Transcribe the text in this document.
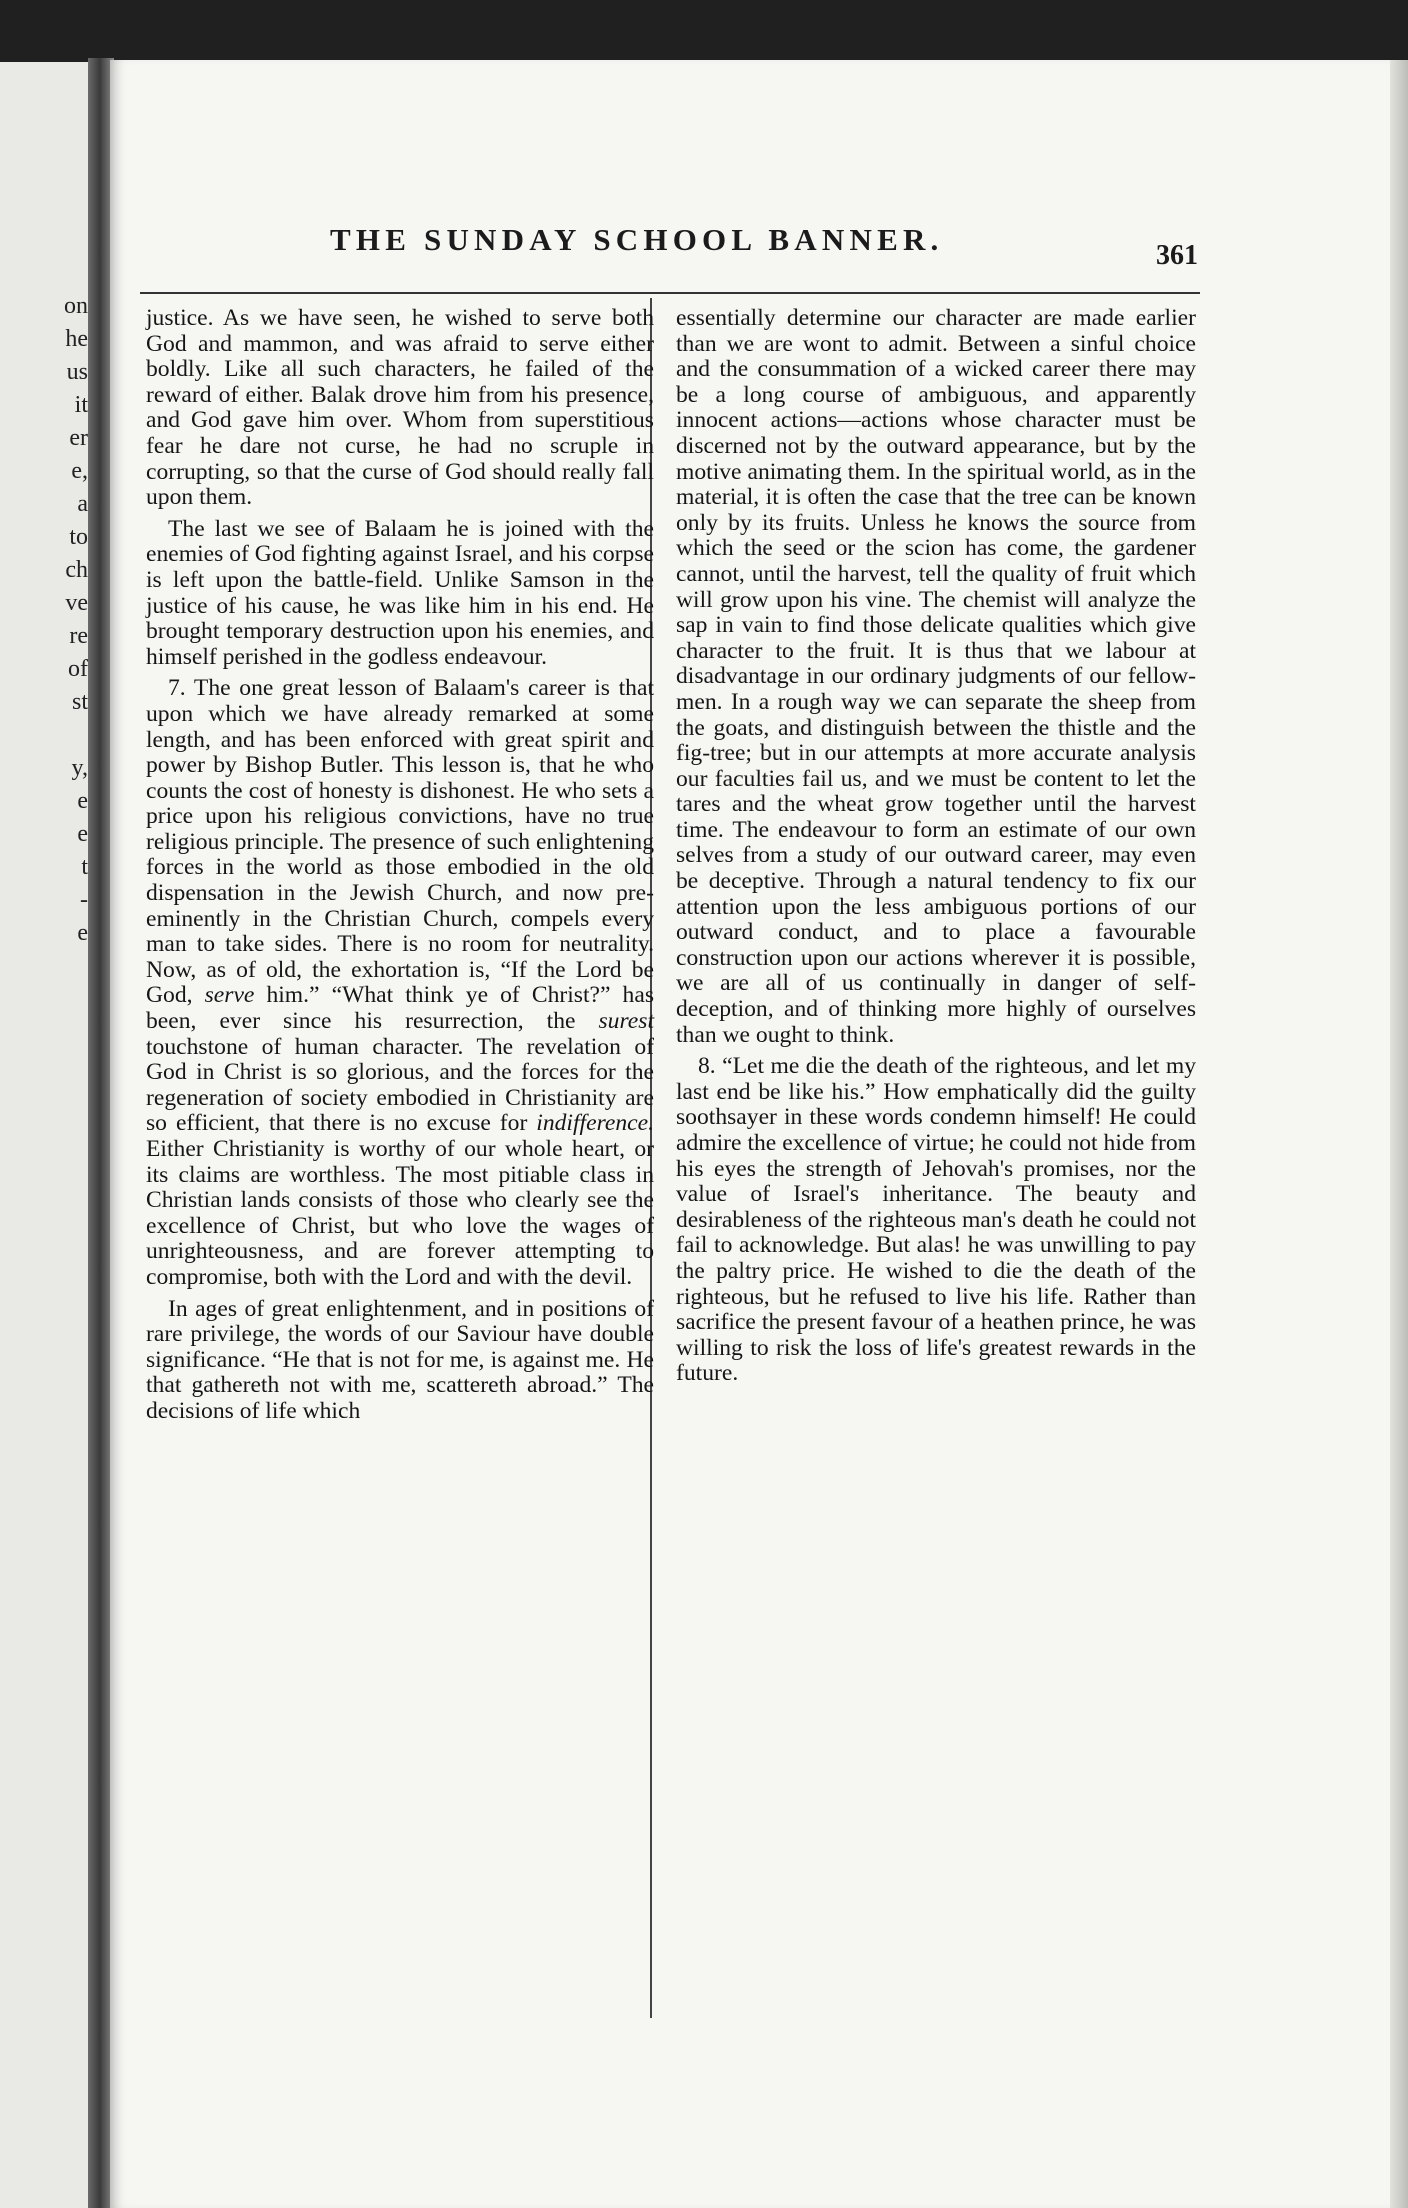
on
he
us
it
er
e,
a
to
ch
ve
re
of
st
y,
e
e
t
-
e
THE SUNDAY SCHOOL BANNER.	361

justice. As we have seen, he wished to serve both God and mammon, and was afraid to serve either boldly. Like all such characters, he failed of the reward of either. Balak drove him from his presence, and God gave him over. Whom from superstitious fear he dare not curse, he had no scruple in corrupting, so that the curse of God should really fall upon them.

The last we see of Balaam he is joined with the enemies of God fighting against Israel, and his corpse is left upon the battle-field. Unlike Samson in the justice of his cause, he was like him in his end. He brought temporary destruction upon his enemies, and himself perished in the godless endeavour.

7. The one great lesson of Balaam's career is that upon which we have already remarked at some length, and has been enforced with great spirit and power by Bishop Butler. This lesson is, that he who counts the cost of honesty is dishonest. He who sets a price upon his religious convictions, have no true religious principle. The presence of such enlightening forces in the world as those embodied in the old dispensation in the Jewish Church, and now pre-eminently in the Christian Church, compels every man to take sides. There is no room for neutrality. Now, as of old, the exhortation is, “If the Lord be God, serve him.” “What think ye of Christ?” has been, ever since his resurrection, the surest touchstone of human character. The revelation of God in Christ is so glorious, and the forces for the regeneration of society embodied in Christianity are so efficient, that there is no excuse for indifference. Either Christianity is worthy of our whole heart, or its claims are worthless. The most pitiable class in Christian lands consists of those who clearly see the excellence of Christ, but who love the wages of unrighteousness, and are forever attempting to compromise, both with the Lord and with the devil.

In ages of great enlightenment, and in positions of rare privilege, the words of our Saviour have double significance. “He that is not for me, is against me. He that gathereth not with me, scattereth abroad.” The decisions of life which

essentially determine our character are made earlier than we are wont to admit. Between a sinful choice and the consummation of a wicked career there may be a long course of ambiguous, and apparently innocent actions—actions whose character must be discerned not by the outward appearance, but by the motive animating them. In the spiritual world, as in the material, it is often the case that the tree can be known only by its fruits. Unless he knows the source from which the seed or the scion has come, the gardener cannot, until the harvest, tell the quality of fruit which will grow upon his vine. The chemist will analyze the sap in vain to find those delicate qualities which give character to the fruit. It is thus that we labour at disadvantage in our ordinary judgments of our fellow-men. In a rough way we can separate the sheep from the goats, and distinguish between the thistle and the fig-tree; but in our attempts at more accurate analysis our faculties fail us, and we must be content to let the tares and the wheat grow together until the harvest time. The endeavour to form an estimate of our own selves from a study of our outward career, may even be deceptive. Through a natural tendency to fix our attention upon the less ambiguous portions of our outward conduct, and to place a favourable construction upon our actions wherever it is possible, we are all of us continually in danger of self-deception, and of thinking more highly of ourselves than we ought to think.

8. “Let me die the death of the righteous, and let my last end be like his.” How emphatically did the guilty soothsayer in these words condemn himself! He could admire the excellence of virtue; he could not hide from his eyes the strength of Jehovah's promises, nor the value of Israel's inheritance. The beauty and desirableness of the righteous man's death he could not fail to acknowledge. But alas! he was unwilling to pay the paltry price. He wished to die the death of the righteous, but he refused to live his life. Rather than sacrifice the present favour of a heathen prince, he was willing to risk the loss of life's greatest rewards in the future.
